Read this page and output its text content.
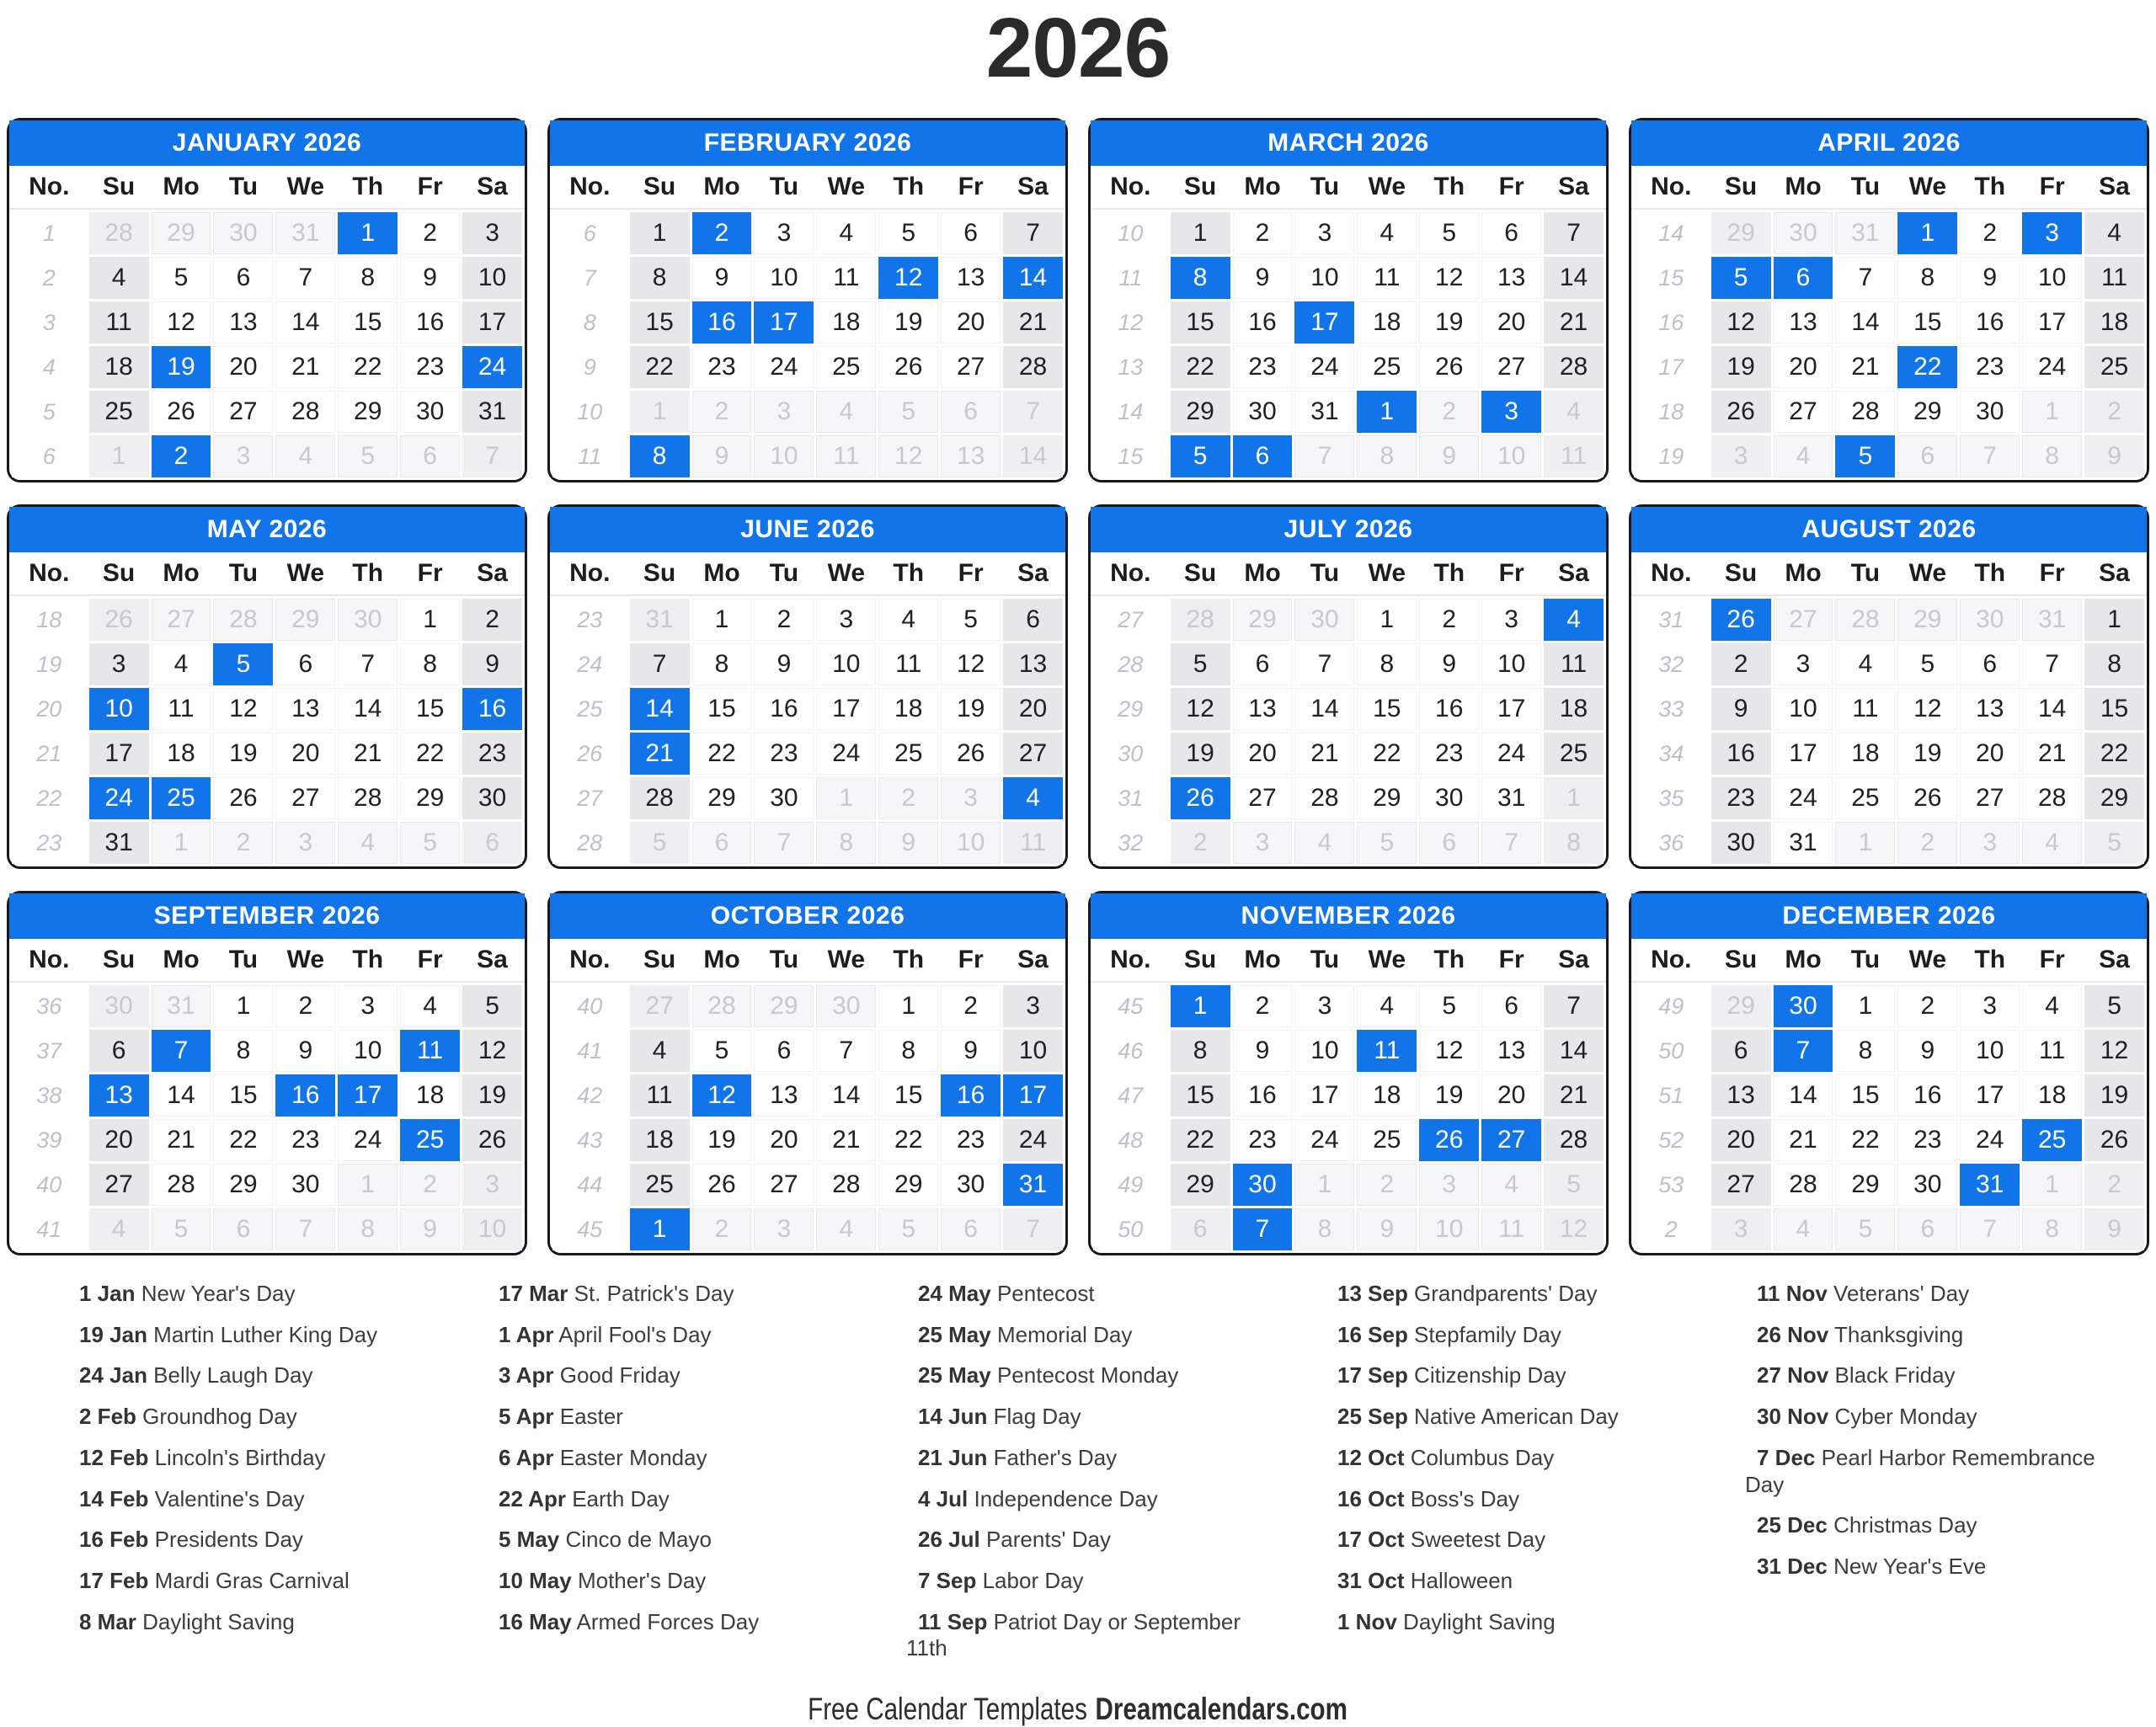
2026
JANUARY 2026
No.	Su	Mo	Tu	We	Th	Fr	Sa
1	28	29	30	31	1	2	3
2	4	5	6	7	8	9	10
3	11	12	13	14	15	16	17
4	18	19	20	21	22	23	24
5	25	26	27	28	29	30	31
6	1	2	3	4	5	6	7
FEBRUARY 2026
No.	Su	Mo	Tu	We	Th	Fr	Sa
6	1	2	3	4	5	6	7
7	8	9	10	11	12	13	14
8	15	16	17	18	19	20	21
9	22	23	24	25	26	27	28
10	1	2	3	4	5	6	7
11	8	9	10	11	12	13	14
MARCH 2026
No.	Su	Mo	Tu	We	Th	Fr	Sa
10	1	2	3	4	5	6	7
11	8	9	10	11	12	13	14
12	15	16	17	18	19	20	21
13	22	23	24	25	26	27	28
14	29	30	31	1	2	3	4
15	5	6	7	8	9	10	11
APRIL 2026
No.	Su	Mo	Tu	We	Th	Fr	Sa
14	29	30	31	1	2	3	4
15	5	6	7	8	9	10	11
16	12	13	14	15	16	17	18
17	19	20	21	22	23	24	25
18	26	27	28	29	30	1	2
19	3	4	5	6	7	8	9
MAY 2026
No.	Su	Mo	Tu	We	Th	Fr	Sa
18	26	27	28	29	30	1	2
19	3	4	5	6	7	8	9
20	10	11	12	13	14	15	16
21	17	18	19	20	21	22	23
22	24	25	26	27	28	29	30
23	31	1	2	3	4	5	6
JUNE 2026
No.	Su	Mo	Tu	We	Th	Fr	Sa
23	31	1	2	3	4	5	6
24	7	8	9	10	11	12	13
25	14	15	16	17	18	19	20
26	21	22	23	24	25	26	27
27	28	29	30	1	2	3	4
28	5	6	7	8	9	10	11
JULY 2026
No.	Su	Mo	Tu	We	Th	Fr	Sa
27	28	29	30	1	2	3	4
28	5	6	7	8	9	10	11
29	12	13	14	15	16	17	18
30	19	20	21	22	23	24	25
31	26	27	28	29	30	31	1
32	2	3	4	5	6	7	8
AUGUST 2026
No.	Su	Mo	Tu	We	Th	Fr	Sa
31	26	27	28	29	30	31	1
32	2	3	4	5	6	7	8
33	9	10	11	12	13	14	15
34	16	17	18	19	20	21	22
35	23	24	25	26	27	28	29
36	30	31	1	2	3	4	5
SEPTEMBER 2026
No.	Su	Mo	Tu	We	Th	Fr	Sa
36	30	31	1	2	3	4	5
37	6	7	8	9	10	11	12
38	13	14	15	16	17	18	19
39	20	21	22	23	24	25	26
40	27	28	29	30	1	2	3
41	4	5	6	7	8	9	10
OCTOBER 2026
No.	Su	Mo	Tu	We	Th	Fr	Sa
40	27	28	29	30	1	2	3
41	4	5	6	7	8	9	10
42	11	12	13	14	15	16	17
43	18	19	20	21	22	23	24
44	25	26	27	28	29	30	31
45	1	2	3	4	5	6	7
NOVEMBER 2026
No.	Su	Mo	Tu	We	Th	Fr	Sa
45	1	2	3	4	5	6	7
46	8	9	10	11	12	13	14
47	15	16	17	18	19	20	21
48	22	23	24	25	26	27	28
49	29	30	1	2	3	4	5
50	6	7	8	9	10	11	12
DECEMBER 2026
No.	Su	Mo	Tu	We	Th	Fr	Sa
49	29	30	1	2	3	4	5
50	6	7	8	9	10	11	12
51	13	14	15	16	17	18	19
52	20	21	22	23	24	25	26
53	27	28	29	30	31	1	2
2	3	4	5	6	7	8	9
1 Jan New Year's Day
19 Jan Martin Luther King Day
24 Jan Belly Laugh Day
2 Feb Groundhog Day
12 Feb Lincoln's Birthday
14 Feb Valentine's Day
16 Feb Presidents Day
17 Feb Mardi Gras Carnival
8 Mar Daylight Saving
17 Mar St. Patrick's Day
1 Apr April Fool's Day
3 Apr Good Friday
5 Apr Easter
6 Apr Easter Monday
22 Apr Earth Day
5 May Cinco de Mayo
10 May Mother's Day
16 May Armed Forces Day
24 May Pentecost
25 May Memorial Day
25 May Pentecost Monday
14 Jun Flag Day
21 Jun Father's Day
4 Jul Independence Day
26 Jul Parents' Day
7 Sep Labor Day
11 Sep Patriot Day or September 11th
13 Sep Grandparents' Day
16 Sep Stepfamily Day
17 Sep Citizenship Day
25 Sep Native American Day
12 Oct Columbus Day
16 Oct Boss's Day
17 Oct Sweetest Day
31 Oct Halloween
1 Nov Daylight Saving
11 Nov Veterans' Day
26 Nov Thanksgiving
27 Nov Black Friday
30 Nov Cyber Monday
7 Dec Pearl Harbor Remembrance Day
25 Dec Christmas Day
31 Dec New Year's Eve
Free Calendar Templates Dreamcalendars.com
